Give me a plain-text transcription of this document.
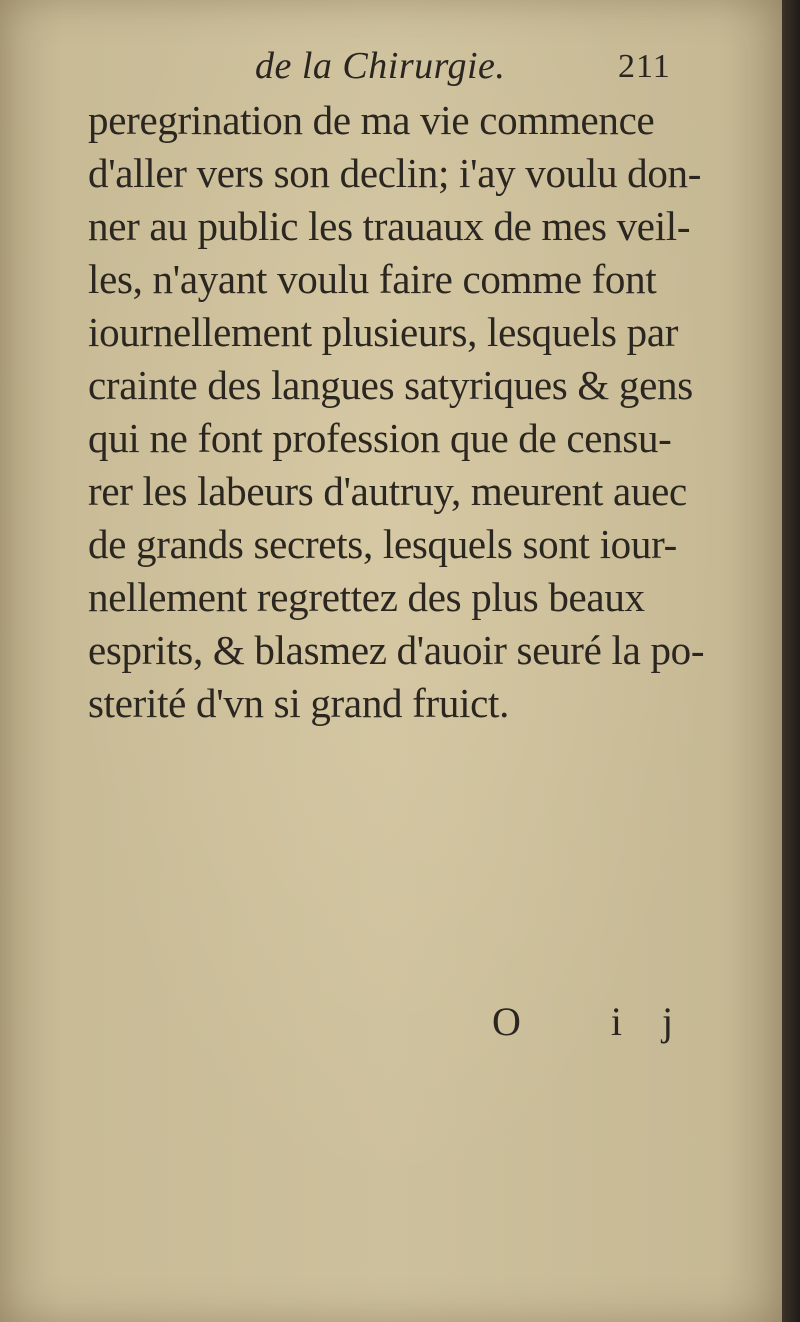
de la Chirurgie.	211
peregrination de ma vie commence
d'aller vers son declin; i'ay voulu don-
ner au public les trauaux de mes veil-
les, n'ayant voulu faire comme font
iournellement plusieurs, lesquels par
crainte des langues satyriques & gens
qui ne font profession que de censu-
rer les labeurs d'autruy, meurent auec
de grands secrets, lesquels sont iour-
nellement regrettez des plus beaux
esprits, & blasmez d'auoir seuré la po-
sterité d'vn si grand fruict.
O ij
